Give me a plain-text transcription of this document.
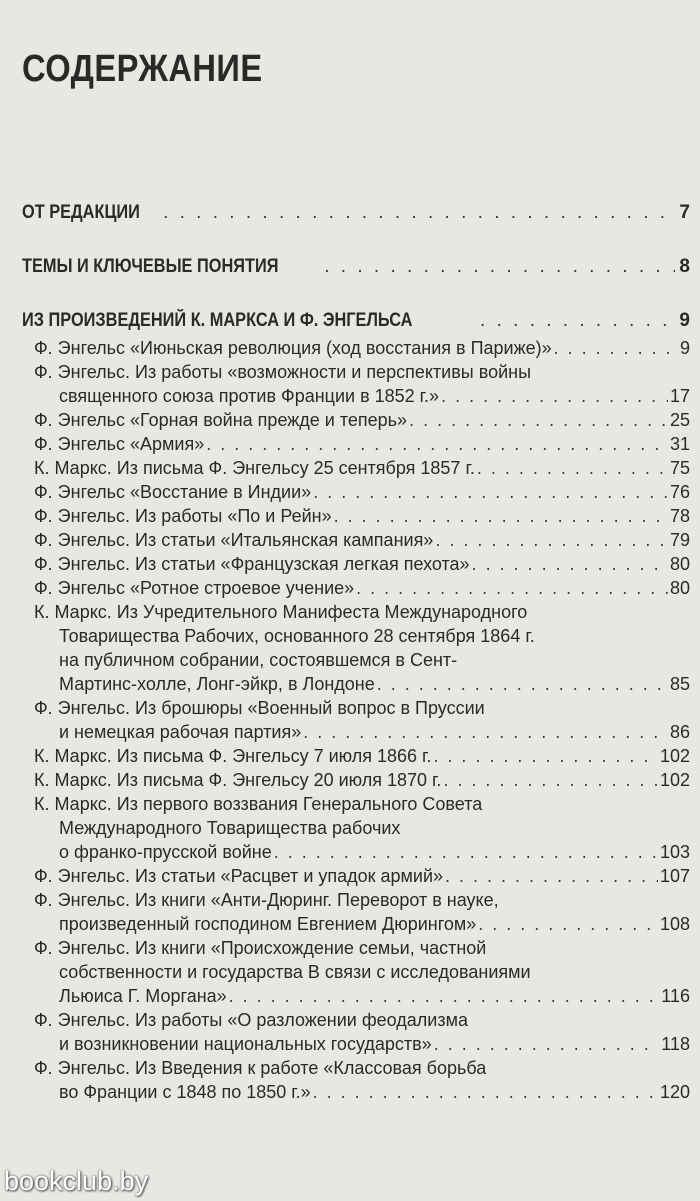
СОДЕРЖАНИЕ
ОТ РЕДАКЦИИ . . .	7
ТЕМЫ И КЛЮЧЕВЫЕ ПОНЯТИЯ . . .	8
ИЗ ПРОИЗВЕДЕНИЙ К. МАРКСА И Ф. ЭНГЕЛЬСА . . .	9
Ф. Энгельс «Июньская революция (ход восстания в Париже)» . . .	9
Ф. Энгельс. Из работы «возможности и перспективы войны
священного союза против Франции в 1852 г.» . . .	17
Ф. Энгельс «Горная война прежде и теперь» . . .	25
Ф. Энгельс «Армия» . . .	31
К. Маркс. Из письма Ф. Энгельсу 25 сентября 1857 г. . . .	75
Ф. Энгельс «Восстание в Индии» . . .	76
Ф. Энгельс. Из работы «По и Рейн» . . .	78
Ф. Энгельс. Из статьи «Итальянская кампания» . . .	79
Ф. Энгельс. Из статьи «Французская легкая пехота» . . .	80
Ф. Энгельс «Ротное строевое учение» . . .	80
К. Маркс. Из Учредительного Манифеста Международного
Товарищества Рабочих, основанного 28 сентября 1864 г.
на публичном собрании, состоявшемся в Сент-
Мартинс-холле, Лонг-эйкр, в Лондоне . . .	85
Ф. Энгельс. Из брошюры «Военный вопрос в Пруссии
и немецкая рабочая партия» . . .	86
К. Маркс. Из письма Ф. Энгельсу 7 июля 1866 г. . . .	102
К. Маркс. Из письма Ф. Энгельсу 20 июля 1870 г. . . .	102
К. Маркс. Из первого воззвания Генерального Совета
Международного Товарищества рабочих
о франко-прусской войне . . .	103
Ф. Энгельс. Из статьи «Расцвет и упадок армий» . . .	107
Ф. Энгельс. Из книги «Анти-Дюринг. Переворот в науке,
произведенный господином Евгением Дюрингом» . . .	108
Ф. Энгельс. Из книги «Происхождение семьи, частной
собственности и государства В связи с исследованиями
Льюиса Г. Моргана» . . .	116
Ф. Энгельс. Из работы «О разложении феодализма
и возникновении национальных государств» . . .	118
Ф. Энгельс. Из Введения к работе «Классовая борьба
во Франции с 1848 по 1850 г.» . . .	120
bookclub.by
